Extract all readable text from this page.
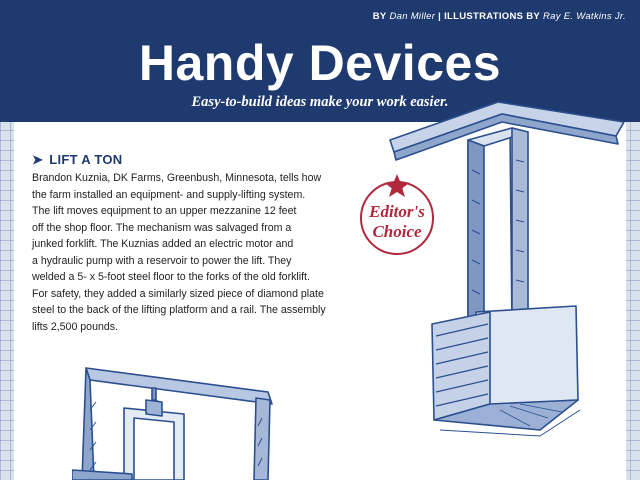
BY Dan Miller | ILLUSTRATIONS BY Ray E. Watkins Jr.
Handy Devices
Easy-to-build ideas make your work easier.
➤ LIFT A TON
Brandon Kuznia, DK Farms, Greenbush, Minnesota, tells how
the farm installed an equipment- and supply-lifting system.
The lift moves equipment to an upper mezzanine 12 feet
off the shop floor. The mechanism was salvaged from a
junked forklift. The Kuznias added an electric motor and
a hydraulic pump with a reservoir to power the lift. They
welded a 5- x 5-foot steel floor to the forks of the old forklift.
For safety, they added a similarly sized piece of diamond plate
steel to the back of the lifting platform and a rail. The assembly
lifts 2,500 pounds.
Editor's
Choice
